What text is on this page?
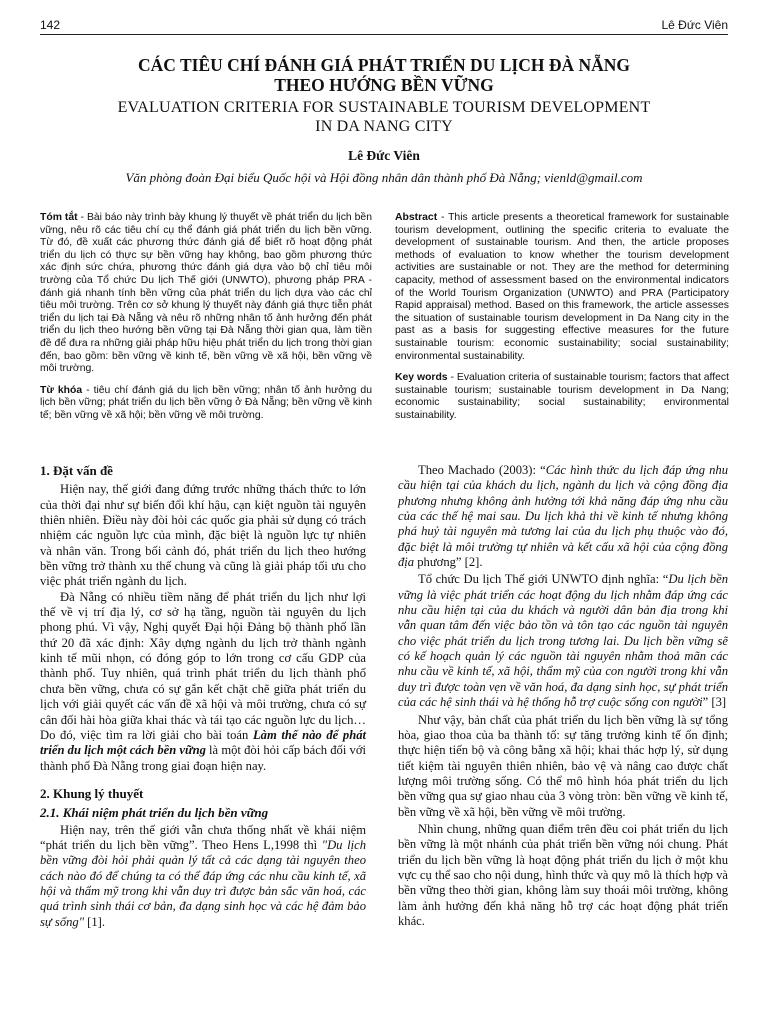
142	Lê Đức Viên
CÁC TIÊU CHÍ ĐÁNH GIÁ PHÁT TRIỂN DU LỊCH ĐÀ NẴNG
THEO HƯỚNG BỀN VỮNG
EVALUATION CRITERIA FOR SUSTAINABLE TOURISM DEVELOPMENT
IN DA NANG CITY
Lê Đức Viên
Văn phòng đoàn Đại biểu Quốc hội và Hội đồng nhân dân thành phố Đà Nẵng; vienld@gmail.com

Tóm tắt - Bài báo này trình bày khung lý thuyết về phát triển du lịch bền vững, nêu rõ các tiêu chí cụ thể đánh giá phát triển du lịch bền vững. Từ đó, đề xuất các phương thức đánh giá để biết rõ hoạt động phát triển du lịch có thực sự bền vững hay không, bao gồm phương thức xác định sức chứa, phương thức đánh giá dựa vào bộ chỉ tiêu môi trường của Tổ chức Du lịch Thế giới (UNWTO), phương pháp PRA - đánh giá nhanh tính bền vững của phát triển du lịch dựa vào các chỉ tiêu môi trường. Trên cơ sở khung lý thuyết này đánh giá thực tiễn phát triển du lịch tại Đà Nẵng và nêu rõ những nhân tố ảnh hưởng đến phát triển du lịch theo hướng bền vững tại Đà Nẵng thời gian qua, làm tiền đề để đưa ra những giải pháp hữu hiệu phát triển du lịch trong thời gian đến, bao gồm: bền vững về kinh tế, bền vững về xã hội, bền vững về môi trường.

Từ khóa - tiêu chí đánh giá du lịch bền vững; nhân tố ảnh hưởng du lịch bền vững; phát triển du lịch bền vững ở Đà Nẵng; bền vững về kinh tế; bền vững về xã hội; bền vững về môi trường.

Abstract - This article presents a theoretical framework for sustainable tourism development, outlining the specific criteria to evaluate the development of sustainable tourism. And then, the article proposes methods of evaluation to know whether the tourism development activities are sustainable or not. They are the method for determining capacity, method of assessment based on the environmental indicators of the World Tourism Organization (UNWTO) and PRA (Participatory Rapid appraisal) method. Based on this framework, the article assesses the situation of sustainable tourism development in Da Nang city in the past as a basis for suggesting effective measures for the future sustainable tourism: economic sustainability; social sustainability; environmental sustainability.

Key words - Evaluation criteria of sustainable tourism; factors that affect sustainable tourism; sustainable tourism development in Da Nang; economic sustainability; social sustainability; environmental sustainability.

1. Đặt vấn đề

Hiện nay, thế giới đang đứng trước những thách thức to lớn của thời đại như sự biến đổi khí hậu, cạn kiệt nguồn tài nguyên thiên nhiên. Điều này đòi hỏi các quốc gia phải sử dụng có trách nhiệm các nguồn lực của mình, đặc biệt là nguồn lực tự nhiên và nhân văn. Trong bối cảnh đó, phát triển du lịch theo hướng bền vững trở thành xu thế chung và cũng là giải pháp tối ưu cho việc phát triển ngành du lịch.

Đà Nẵng có nhiều tiềm năng để phát triển du lịch như lợi thế về vị trí địa lý, cơ sở hạ tầng, nguồn tài nguyên du lịch phong phú. Vì vậy, Nghị quyết Đại hội Đảng bộ thành phố lần thứ 20 đã xác định: Xây dựng ngành du lịch trở thành ngành kinh tế mũi nhọn, có đóng góp to lớn trong cơ cấu GDP của thành phố. Tuy nhiên, quá trình phát triển du lịch thành phố chưa bền vững, chưa có sự gắn kết chặt chẽ giữa phát triển du lịch với giải quyết các vấn đề xã hội và môi trường, chưa có sự cân đối hài hòa giữa khai thác và tái tạo các nguồn lực du lịch… Do đó, việc tìm ra lời giải cho bài toán Làm thế nào để phát triển du lịch một cách bền vững là một đòi hỏi cấp bách đối với thành phố Đà Nẵng trong giai đoạn hiện nay.

2. Khung lý thuyết
2.1. Khái niệm phát triển du lịch bền vững

Hiện nay, trên thế giới vẫn chưa thống nhất về khái niệm “phát triển du lịch bền vững”. Theo Hens L,1998 thì "Du lịch bền vững đòi hỏi phải quản lý tất cả các dạng tài nguyên theo cách nào đó để chúng ta có thể đáp ứng các nhu cầu kinh tế, xã hội và thẩm mỹ trong khi vẫn duy trì được bản sắc văn hoá, các quá trình sinh thái cơ bản, đa dạng sinh học và các hệ đảm bảo sự sống" [1].

Theo Machado (2003): “Các hình thức du lịch đáp ứng nhu cầu hiện tại của khách du lịch, ngành du lịch và cộng đồng địa phương nhưng không ảnh hưởng tới khả năng đáp ứng nhu cầu của các thế hệ mai sau. Du lịch khả thi về kinh tế nhưng không phá huỷ tài nguyên mà tương lai của du lịch phụ thuộc vào đó, đặc biệt là môi trường tự nhiên và kết cấu xã hội của cộng đồng địa phương” [2].

Tổ chức Du lịch Thế giới UNWTO định nghĩa: “Du lịch bền vững là việc phát triển các hoạt động du lịch nhằm đáp ứng các nhu cầu hiện tại của du khách và người dân bản địa trong khi vẫn quan tâm đến việc bảo tồn và tôn tạo các nguồn tài nguyên cho việc phát triển du lịch trong tương lai. Du lịch bền vững sẽ có kế hoạch quản lý các nguồn tài nguyên nhằm thoả mãn các nhu cầu về kinh tế, xã hội, thẩm mỹ của con người trong khi vẫn duy trì được toàn vẹn về văn hoá, đa dạng sinh học, sự phát triển của các hệ sinh thái và hệ thống hỗ trợ cuộc sống con người” [3]

Như vậy, bản chất của phát triển du lịch bền vững là sự tổng hòa, giao thoa của ba thành tố: sự tăng trưởng kinh tế ổn định; thực hiện tiến bộ và công bằng xã hội; khai thác hợp lý, sử dụng tiết kiệm tài nguyên thiên nhiên, bảo vệ và nâng cao được chất lượng môi trường sống. Có thể mô hình hóa phát triển du lịch bền vững qua sự giao nhau của 3 vòng tròn: bền vững về kinh tế, bền vững về xã hội, bền vững về môi trường.

Nhìn chung, những quan điểm trên đều coi phát triển du lịch bền vững là một nhánh của phát triển bền vững nói chung. Phát triển du lịch bền vững là hoạt động phát triển du lịch ở một khu vực cụ thể sao cho nội dung, hình thức và quy mô là thích hợp và bền vững theo thời gian, không làm suy thoái môi trường, không làm ảnh hưởng đến khả năng hỗ trợ các hoạt động phát triển khác.
